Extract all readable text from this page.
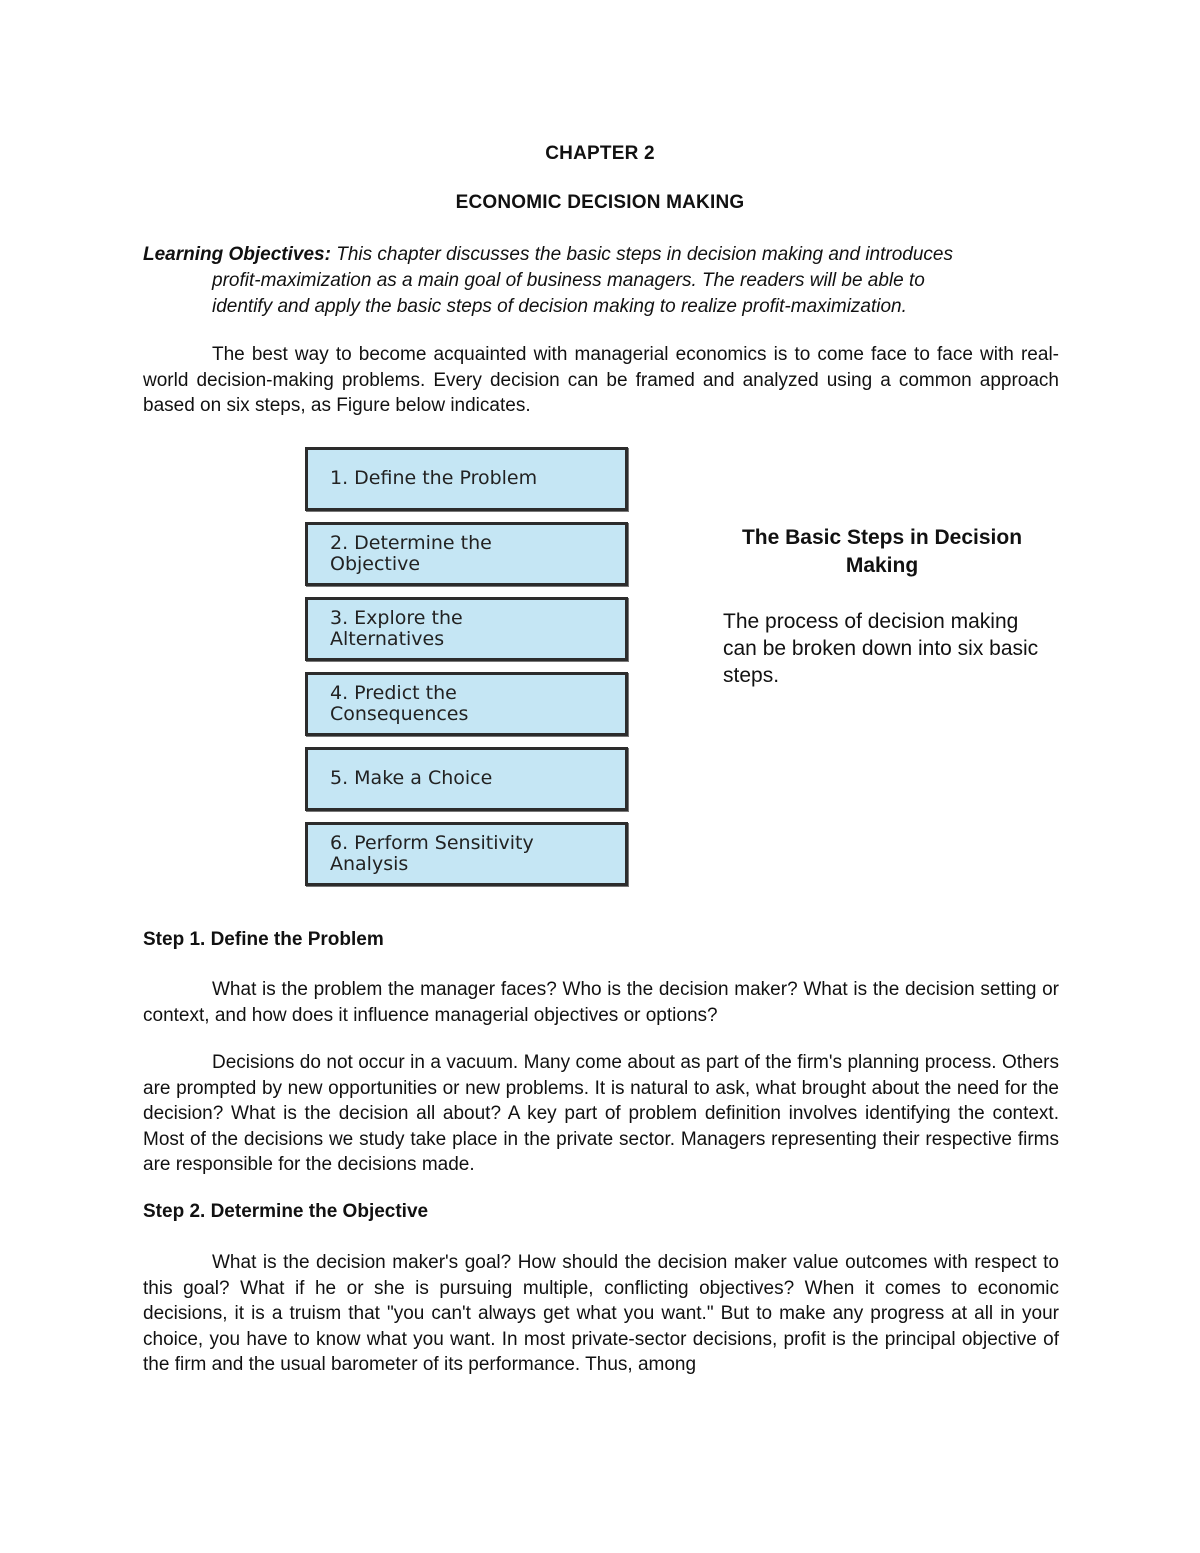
CHAPTER 2
ECONOMIC DECISION MAKING
Learning Objectives: This chapter discusses the basic steps in decision making and introduces
profit-maximization as a main goal of business managers. The readers will be able to
identify and apply the basic steps of decision making to realize profit-maximization.
The best way to become acquainted with managerial economics is to come face to face with real-world decision-making problems. Every decision can be framed and analyzed using a common approach based on six steps, as Figure below indicates.
1. Define the Problem
2. Determine the
Objective
3. Explore the
Alternatives
4. Predict the
Consequences
5. Make a Choice
6. Perform Sensitivity
Analysis
The Basic Steps in Decision Making
The process of decision making can be broken down into six basic steps.
Step 1. Define the Problem
What is the problem the manager faces? Who is the decision maker? What is the decision setting or context, and how does it influence managerial objectives or options?
Decisions do not occur in a vacuum. Many come about as part of the firm's planning process. Others are prompted by new opportunities or new problems. It is natural to ask, what brought about the need for the decision? What is the decision all about? A key part of problem definition involves identifying the context. Most of the decisions we study take place in the private sector. Managers representing their respective firms are responsible for the decisions made.
Step 2. Determine the Objective
What is the decision maker's goal? How should the decision maker value outcomes with respect to this goal? What if he or she is pursuing multiple, conflicting objectives? When it comes to economic decisions, it is a truism that "you can't always get what you want." But to make any progress at all in your choice, you have to know what you want. In most private-sector decisions, profit is the principal objective of the firm and the usual barometer of its performance. Thus, among
